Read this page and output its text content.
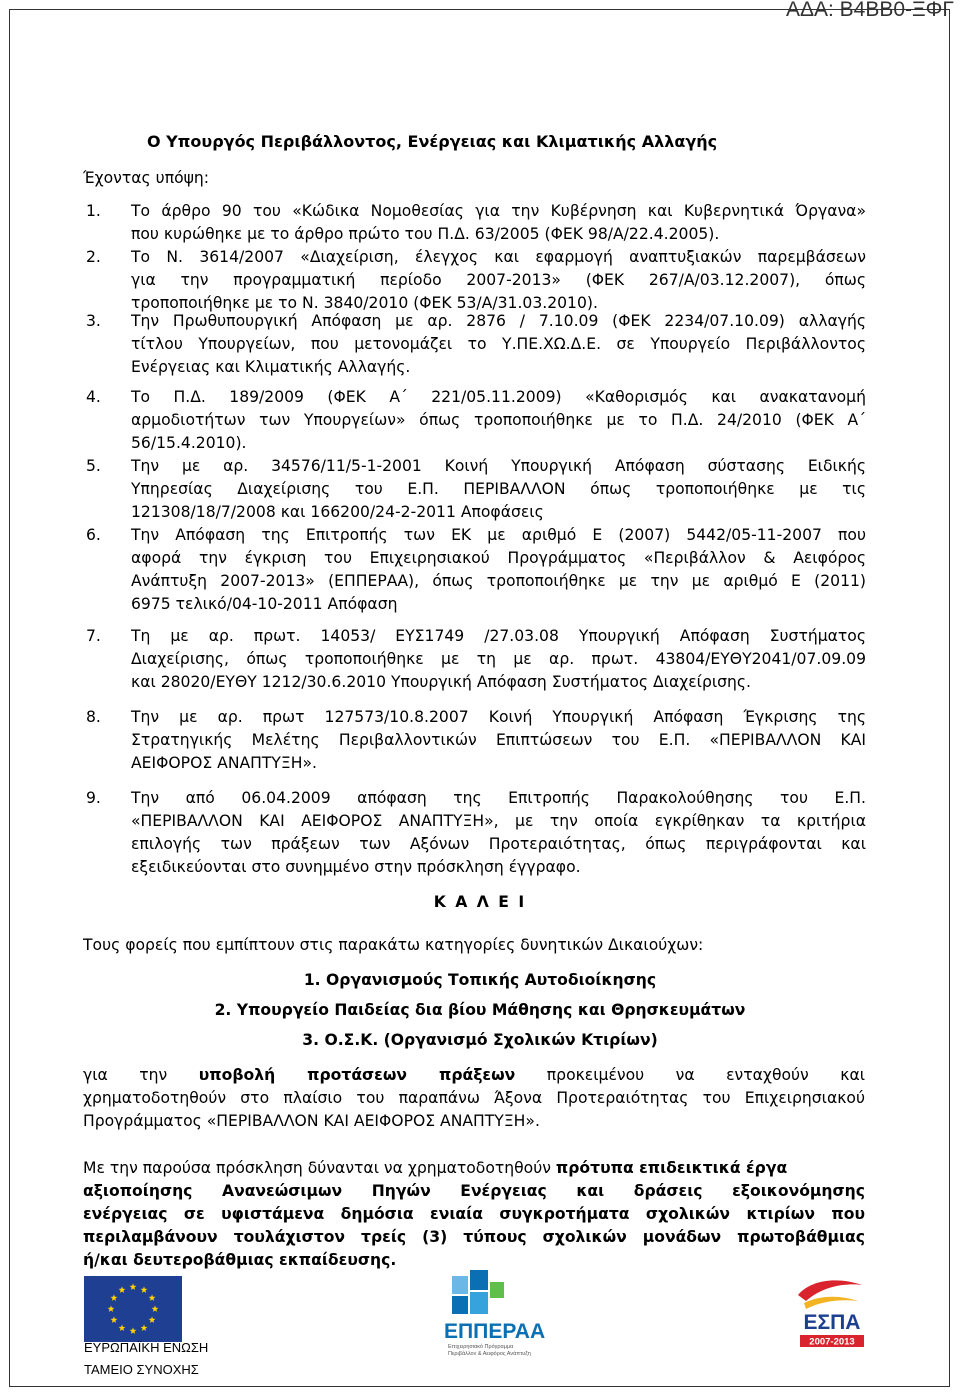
ΑΔΑ: Β4ΒΒ0-ΞΦΓ
Ο Υπουργός Περιβάλλοντος, Ενέργειας και Κλιματικής Αλλαγής
Έχοντας υπόψη:
1. Το άρθρο 90 του «Κώδικα Νομοθεσίας για την Κυβέρνηση και Κυβερνητικά Όργανα»
που κυρώθηκε με το άρθρο πρώτο του Π.Δ. 63/2005 (ΦΕΚ 98/Α/22.4.2005).
2. Το Ν. 3614/2007 «Διαχείριση, έλεγχος και εφαρμογή αναπτυξιακών παρεμβάσεων
για την προγραμματική περίοδο 2007-2013» (ΦΕΚ 267/Α/03.12.2007), όπως
τροποποιήθηκε με το Ν. 3840/2010 (ΦΕΚ 53/Α/31.03.2010).
3. Την Πρωθυπουργική Απόφαση με αρ. 2876 / 7.10.09 (ΦΕΚ 2234/07.10.09) αλλαγής
τίτλου Υπουργείων, που μετονομάζει το Υ.ΠΕ.ΧΩ.Δ.Ε. σε Υπουργείο Περιβάλλοντος
Ενέργειας και Κλιματικής Αλλαγής.
4. Το Π.Δ. 189/2009 (ΦΕΚ Α΄ 221/05.11.2009) «Καθορισμός και ανακατανομή
αρμοδιοτήτων των Υπουργείων» όπως τροποποιήθηκε με το Π.Δ. 24/2010 (ΦΕΚ Α΄
56/15.4.2010).
5. Την με αρ. 34576/11/5-1-2001 Κοινή Υπουργική Απόφαση σύστασης Ειδικής
Υπηρεσίας Διαχείρισης του Ε.Π. ΠΕΡΙΒΑΛΛΟΝ όπως τροποποιήθηκε με τις
121308/18/7/2008 και 166200/24-2-2011 Αποφάσεις
6. Την Απόφαση της Επιτροπής των ΕΚ με αριθμό Ε (2007) 5442/05-11-2007 που
αφορά την έγκριση του Επιχειρησιακού Προγράμματος «Περιβάλλον & Αειφόρος
Ανάπτυξη 2007-2013» (ΕΠΠΕΡΑΑ), όπως τροποποιήθηκε με την με αριθμό Ε (2011)
6975 τελικό/04-10-2011 Απόφαση
7. Τη με αρ. πρωτ. 14053/ ΕΥΣ1749 /27.03.08 Υπουργική Απόφαση Συστήματος
Διαχείρισης, όπως τροποποιήθηκε με τη με αρ. πρωτ. 43804/ΕΥΘΥ2041/07.09.09
και 28020/ΕΥΘΥ 1212/30.6.2010 Υπουργική Απόφαση Συστήματος Διαχείρισης.
8. Την με αρ. πρωτ 127573/10.8.2007 Κοινή Υπουργική Απόφαση Έγκρισης της
Στρατηγικής Μελέτης Περιβαλλοντικών Επιπτώσεων του Ε.Π. «ΠΕΡΙΒΑΛΛΟΝ ΚΑΙ
ΑΕΙΦΟΡΟΣ ΑΝΑΠΤΥΞΗ».
9. Την από 06.04.2009 απόφαση της Επιτροπής Παρακολούθησης του Ε.Π.
«ΠΕΡΙΒΑΛΛΟΝ ΚΑΙ ΑΕΙΦΟΡΟΣ ΑΝΑΠΤΥΞΗ», με την οποία εγκρίθηκαν τα κριτήρια
επιλογής των πράξεων των Αξόνων Προτεραιότητας, όπως περιγράφονται και
εξειδικεύονται στο συνημμένο στην πρόσκληση έγγραφο.
Κ Α Λ Ε Ι
Τους φορείς που εμπίπτουν στις παρακάτω κατηγορίες δυνητικών Δικαιούχων:
1. Οργανισμούς Τοπικής Αυτοδιοίκησης
2. Υπουργείο Παιδείας δια βίου Μάθησης και Θρησκευμάτων
3. Ο.Σ.Κ. (Οργανισμό Σχολικών Κτιρίων)
για την υποβολή προτάσεων πράξεων προκειμένου να ενταχθούν και
χρηματοδοτηθούν στο πλαίσιο του παραπάνω Άξονα Προτεραιότητας του Επιχειρησιακού
Προγράμματος «ΠΕΡΙΒΑΛΛΟΝ ΚΑΙ ΑΕΙΦΟΡΟΣ ΑΝΑΠΤΥΞΗ».
Με την παρούσα πρόσκληση δύνανται να χρηματοδοτηθούν πρότυπα επιδεικτικά έργα
αξιοποίησης Ανανεώσιμων Πηγών Ενέργειας και δράσεις εξοικονόμησης
ενέργειας σε υφιστάμενα δημόσια ενιαία συγκροτήματα σχολικών κτιρίων που
περιλαμβάνουν τουλάχιστον τρείς (3) τύπους σχολικών μονάδων πρωτοβάθμιας
ή/και δευτεροβάθμιας εκπαίδευσης.
ΕΥΡΩΠΑΪΚΗ ΕΝΩΣΗ
ΤΑΜΕΙΟ ΣΥΝΟΧΗΣ
ΕΠΠΕΡΑΑ
Επιχειρησιακό Πρόγραμμα
Περιβάλλον & Αειφόρος Ανάπτυξη
ΕΣΠΑ
2007-2013
